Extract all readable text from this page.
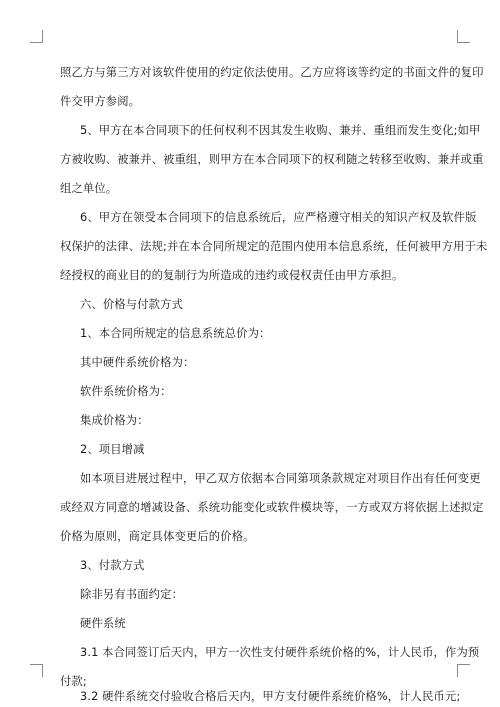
照乙方与第三方对该软件使用的约定依法使用。乙方应将该等约定的书面文件的复印
件交甲方参阅。
5、甲方在本合同项下的任何权利不因其发生收购、兼并、重组而发生变化;如甲
方被收购、被兼并、被重组，则甲方在本合同项下的权利随之转移至收购、兼并或重
组之单位。
6、甲方在领受本合同项下的信息系统后，应严格遵守相关的知识产权及软件版
权保护的法律、法规;并在本合同所规定的范围内使用本信息系统，任何被甲方用于未
经授权的商业目的的复制行为所造成的违约或侵权责任由甲方承担。
六、价格与付款方式
1、本合同所规定的信息系统总价为：
其中硬件系统价格为：
软件系统价格为：
集成价格为：
2、项目增减
如本项目进展过程中，甲乙双方依据本合同第项条款规定对项目作出有任何变更
或经双方同意的增减设备、系统功能变化或软件模块等，一方或双方将依据上述拟定
价格为原则，商定具体变更后的价格。
3、付款方式
除非另有书面约定：
硬件系统
3.1 本合同签订后天内，甲方一次性支付硬件系统价格的%，计人民币，作为预
付款;
3.2 硬件系统交付验收合格后天内，甲方支付硬件系统价格%，计人民币元;
